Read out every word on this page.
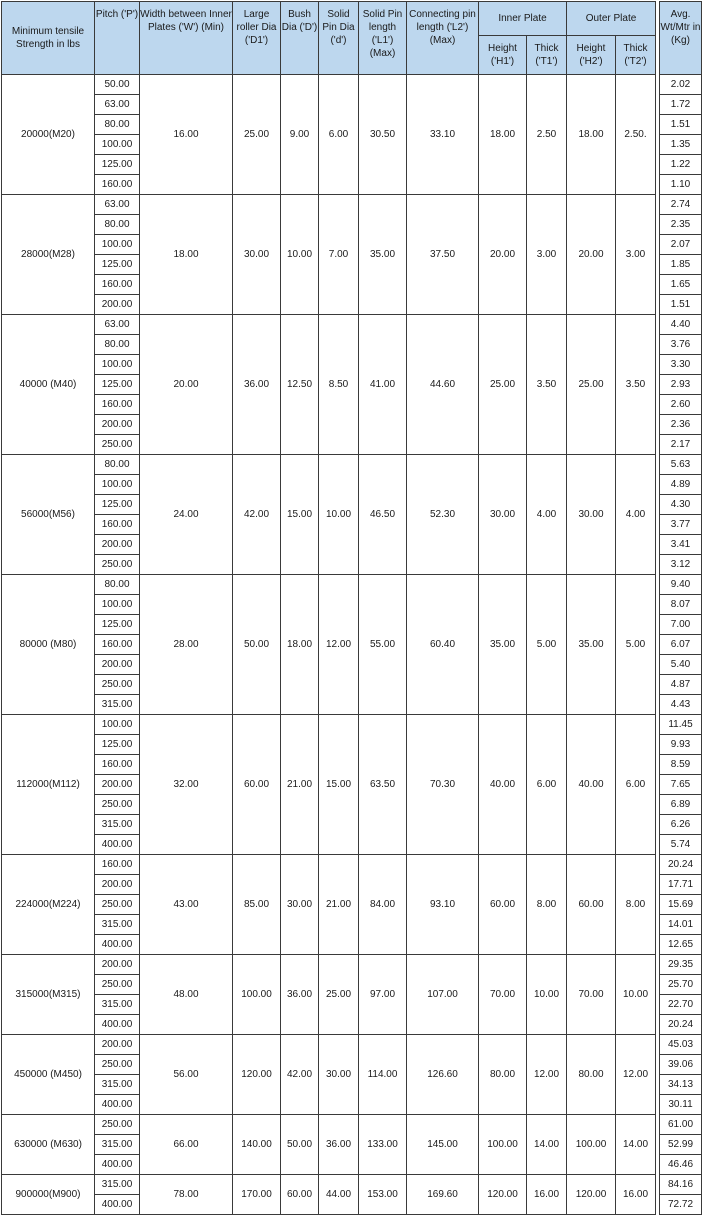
Minimum tensile Strength in lbs	Pitch ('P')	Width between Inner Plates ('W') (Min)	Large roller Dia ('D1')	Bush Dia ('D')	Solid Pin Dia ('d')	Solid Pin length ('L1') (Max)	Connecting pin length ('L2') (Max)	Inner Plate		Outer Plate			Avg. Wt/Mtr in (Kg)
								Height ('H1')	Thick ('T1')	Height ('H2')	Thick ('T2')		
20000(M20)	50.00	16.00	25.00	9.00	6.00	30.50	33.10	18.00	2.50	18.00	2.50.		2.02
	63.00												1.72
	80.00												1.51
	100.00												1.35
	125.00												1.22
	160.00												1.10
28000(M28)	63.00	18.00	30.00	10.00	7.00	35.00	37.50	20.00	3.00	20.00	3.00		2.74
	80.00												2.35
	100.00												2.07
	125.00												1.85
	160.00												1.65
	200.00												1.51
40000 (M40)	63.00	20.00	36.00	12.50	8.50	41.00	44.60	25.00	3.50	25.00	3.50		4.40
	80.00												3.76
	100.00												3.30
	125.00												2.93
	160.00												2.60
	200.00												2.36
	250.00												2.17
56000(M56)	80.00	24.00	42.00	15.00	10.00	46.50	52.30	30.00	4.00	30.00	4.00		5.63
	100.00												4.89
	125.00												4.30
	160.00												3.77
	200.00												3.41
	250.00												3.12
80000 (M80)	80.00	28.00	50.00	18.00	12.00	55.00	60.40	35.00	5.00	35.00	5.00		9.40
	100.00												8.07
	125.00												7.00
	160.00												6.07
	200.00												5.40
	250.00												4.87
	315.00												4.43
112000(M112)	100.00	32.00	60.00	21.00	15.00	63.50	70.30	40.00	6.00	40.00	6.00		11.45
	125.00												9.93
	160.00												8.59
	200.00												7.65
	250.00												6.89
	315.00												6.26
	400.00												5.74
224000(M224)	160.00	43.00	85.00	30.00	21.00	84.00	93.10	60.00	8.00	60.00	8.00		20.24
	200.00												17.71
	250.00												15.69
	315.00												14.01
	400.00												12.65
315000(M315)	200.00	48.00	100.00	36.00	25.00	97.00	107.00	70.00	10.00	70.00	10.00		29.35
	250.00												25.70
	315.00												22.70
	400.00												20.24
450000 (M450)	200.00	56.00	120.00	42.00	30.00	114.00	126.60	80.00	12.00	80.00	12.00		45.03
	250.00												39.06
	315.00												34.13
	400.00												30.11
630000 (M630)	250.00	66.00	140.00	50.00	36.00	133.00	145.00	100.00	14.00	100.00	14.00		61.00
	315.00												52.99
	400.00												46.46
900000(M900)	315.00	78.00	170.00	60.00	44.00	153.00	169.60	120.00	16.00	120.00	16.00		84.16
	400.00												72.72
